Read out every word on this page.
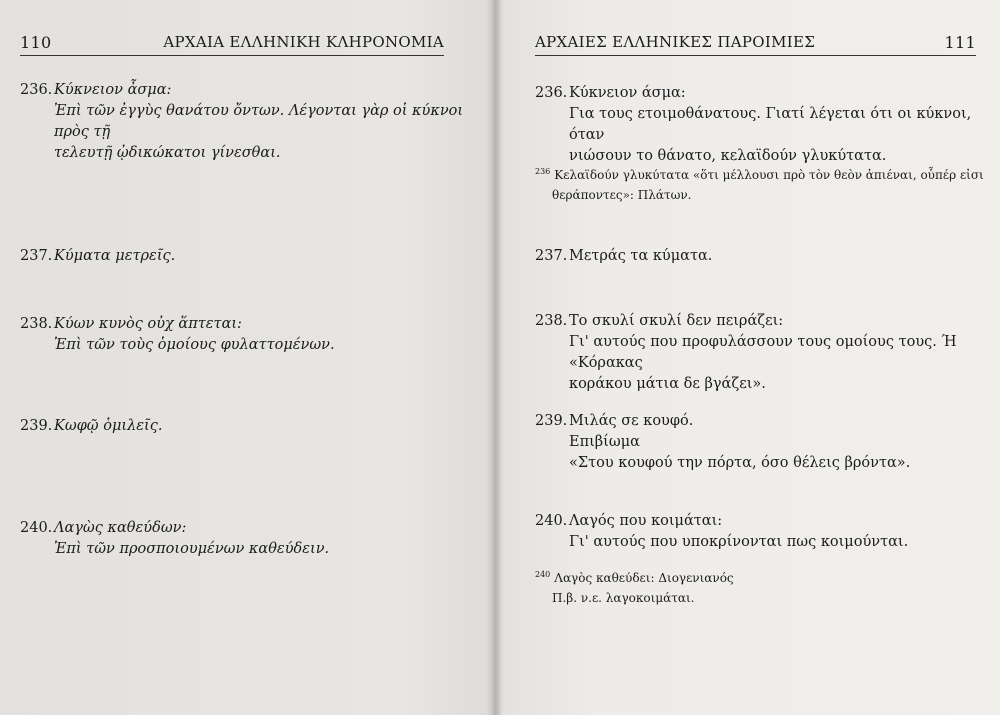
110	ΑΡΧΑΙΑ ΕΛΛΗΝΙΚΗ ΚΛΗΡΟΝΟΜΙΑ
236. Κύκνειον ἆσμα:
Ἐπὶ τῶν ἐγγὺς θανάτου ὄντων. Λέγονται γὰρ οἱ κύκνοι πρὸς τῇ
τελευτῇ ᾠδικώκατοι γίνεσθαι.
237. Κύματα μετρεῖς.
238. Κύων κυνὸς οὐχ ἅπτεται:
Ἐπὶ τῶν τοὺς ὁμοίους φυλαττομένων.
239. Κωφῷ ὁμιλεῖς.
240. Λαγὼς καθεύδων:
Ἐπὶ τῶν προσποιουμένων καθεύδειν.
ΑΡΧΑΙΕΣ ΕΛΛΗΝΙΚΕΣ ΠΑΡΟΙΜΙΕΣ	111
236. Κύκνειον άσμα:
Για τους ετοιμοθάνατους. Γιατί λέγεται ότι οι κύκνοι, όταν
νιώσουν το θάνατο, κελαϊδούν γλυκύτατα.
$^{236}$ Κελαϊδούν γλυκύτατα «ὅτι μέλλουσι πρὸ τὸν θεὸν ἀπιέναι, οὗπέρ εἰσι
θεράποντες»: Πλάτων.
237. Μετράς τα κύματα.
238. Το σκυλί σκυλί δεν πειράζει:
Γι' αυτούς που προφυλάσσουν τους ομοίους τους. Ή «Κόρακας
κοράκου μάτια δε βγάζει».
239. Μιλάς σε κουφό.
Επιβίωμα
«Στου κουφού την πόρτα, όσο θέλεις βρόντα».
240. Λαγός που κοιμάται:
Γι' αυτούς που υποκρίνονται πως κοιμούνται.
$^{240}$ Λαγὸς καθεύδει: Διογενιανός
Π.β. ν.ε. λαγοκοιμάται.
